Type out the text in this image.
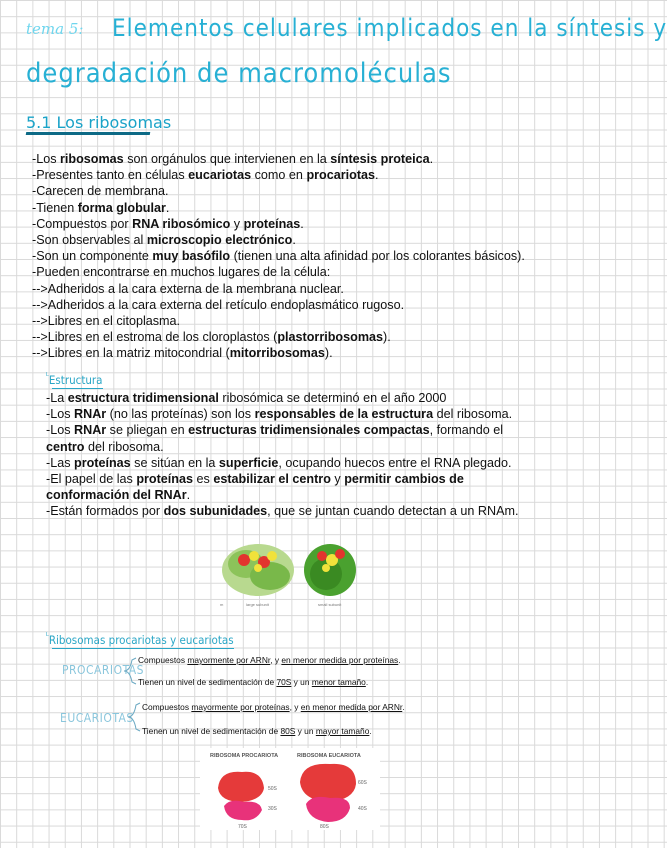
tema 5: Elementos celulares implicados en la síntesis y
degradación de macromoléculas
5.1 Los ribosomas
-Los ribosomas son orgánulos que intervienen en la síntesis proteica.
-Presentes tanto en células eucariotas como en procariotas.
-Carecen de membrana.
-Tienen forma globular.
-Compuestos por RNA ribosómico y proteínas.
-Son observables al microscopio electrónico.
-Son un componente muy basófilo (tienen una alta afinidad por los colorantes básicos).
-Pueden encontrarse en muchos lugares de la célula:
-->Adheridos a la cara externa de la membrana nuclear.
-->Adheridos a la cara externa del retículo endoplasmático rugoso.
-->Libres en el citoplasma.
-->Libres en el estroma de los cloroplastos (plastorribosomas).
-->Libres en la matriz mitocondrial (mitorribosomas).
$^ᴸ$Estructura
-La estructura tridimensional ribosómica se determinó en el año 2000
-Los RNAr (no las proteínas) son los responsables de la estructura del ribosoma.
-Los RNAr se pliegan en estructuras tridimensionales compactas, formando el
centro del ribosoma.
-Las proteínas se sitúan en la superficie, ocupando huecos entre el RNA plegado.
-El papel de las proteínas es estabilizar el centro y permitir cambios de
conformación del RNAr.
-Están formados por dos subunidades, que se juntan cuando detectan a un RNAm.
m	large subunit	small subunit
$^ᴸ$Ribosomas procariotas y eucariotas
PROCARIOTAS
Compuestos mayormente por ARNr, y en menor medida por proteínas.
Tienen un nivel de sedimentación de 70S y un menor tamaño.
EUCARIOTAS
Compuestos mayormente por proteínas, y en menor medida por ARNr.
Tienen un nivel de sedimentación de 80S y un mayor tamaño.
RIBOSOMA PROCARIOTA	RIBOSOMA EUCARIOTA
50S
30S
70S
60S
40S
80S
